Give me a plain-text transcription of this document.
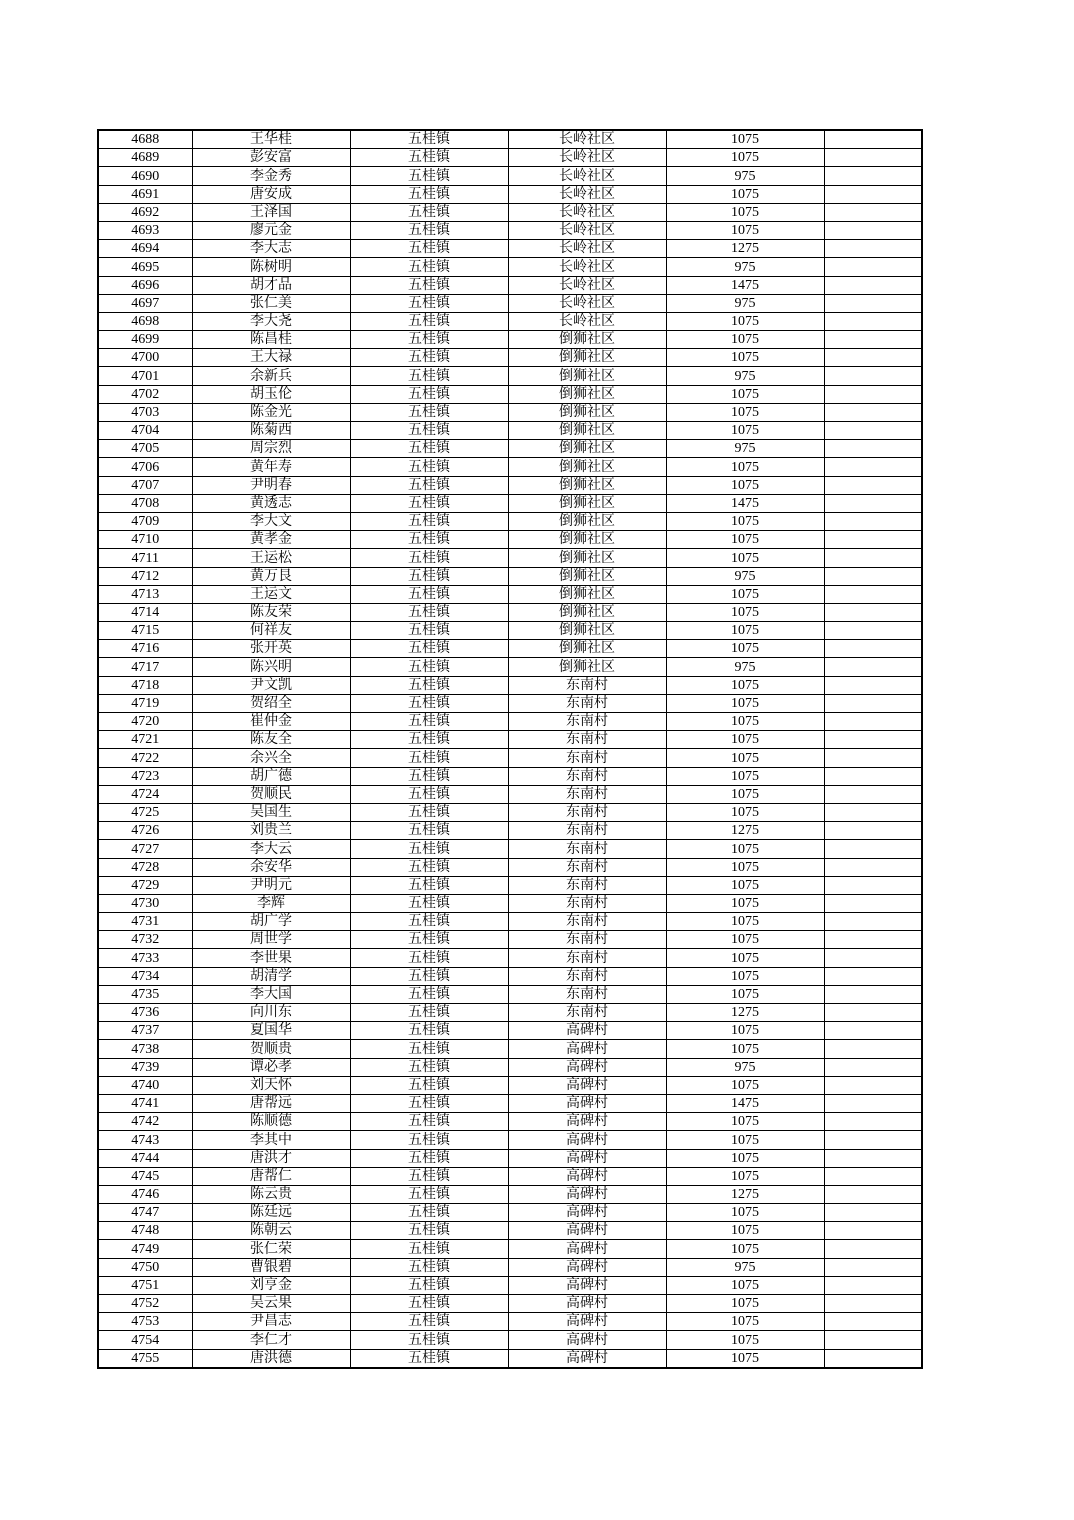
4688	王华桂	五桂镇	长岭社区	1075	
4689	彭安富	五桂镇	长岭社区	1075	
4690	李金秀	五桂镇	长岭社区	975	
4691	唐安成	五桂镇	长岭社区	1075	
4692	王泽国	五桂镇	长岭社区	1075	
4693	廖元金	五桂镇	长岭社区	1075	
4694	李大志	五桂镇	长岭社区	1275	
4695	陈树明	五桂镇	长岭社区	975	
4696	胡才品	五桂镇	长岭社区	1475	
4697	张仁美	五桂镇	长岭社区	975	
4698	李大尧	五桂镇	长岭社区	1075	
4699	陈昌桂	五桂镇	倒狮社区	1075	
4700	王大禄	五桂镇	倒狮社区	1075	
4701	余新兵	五桂镇	倒狮社区	975	
4702	胡玉伦	五桂镇	倒狮社区	1075	
4703	陈金光	五桂镇	倒狮社区	1075	
4704	陈菊西	五桂镇	倒狮社区	1075	
4705	周宗烈	五桂镇	倒狮社区	975	
4706	黄年寿	五桂镇	倒狮社区	1075	
4707	尹明春	五桂镇	倒狮社区	1075	
4708	黄透志	五桂镇	倒狮社区	1475	
4709	李大文	五桂镇	倒狮社区	1075	
4710	黄孝金	五桂镇	倒狮社区	1075	
4711	王运松	五桂镇	倒狮社区	1075	
4712	黄万艮	五桂镇	倒狮社区	975	
4713	王运文	五桂镇	倒狮社区	1075	
4714	陈友荣	五桂镇	倒狮社区	1075	
4715	何祥友	五桂镇	倒狮社区	1075	
4716	张开英	五桂镇	倒狮社区	1075	
4717	陈兴明	五桂镇	倒狮社区	975	
4718	尹文凯	五桂镇	东南村	1075	
4719	贺绍全	五桂镇	东南村	1075	
4720	崔仲金	五桂镇	东南村	1075	
4721	陈友全	五桂镇	东南村	1075	
4722	余兴全	五桂镇	东南村	1075	
4723	胡广德	五桂镇	东南村	1075	
4724	贺顺民	五桂镇	东南村	1075	
4725	吴国生	五桂镇	东南村	1075	
4726	刘贵兰	五桂镇	东南村	1275	
4727	李大云	五桂镇	东南村	1075	
4728	余安华	五桂镇	东南村	1075	
4729	尹明元	五桂镇	东南村	1075	
4730	李辉	五桂镇	东南村	1075	
4731	胡广学	五桂镇	东南村	1075	
4732	周世学	五桂镇	东南村	1075	
4733	李世果	五桂镇	东南村	1075	
4734	胡清学	五桂镇	东南村	1075	
4735	李大国	五桂镇	东南村	1075	
4736	向川东	五桂镇	东南村	1275	
4737	夏国华	五桂镇	高碑村	1075	
4738	贺顺贵	五桂镇	高碑村	1075	
4739	谭必孝	五桂镇	高碑村	975	
4740	刘天怀	五桂镇	高碑村	1075	
4741	唐帮远	五桂镇	高碑村	1475	
4742	陈顺德	五桂镇	高碑村	1075	
4743	李其中	五桂镇	高碑村	1075	
4744	唐洪才	五桂镇	高碑村	1075	
4745	唐帮仁	五桂镇	高碑村	1075	
4746	陈云贵	五桂镇	高碑村	1275	
4747	陈廷远	五桂镇	高碑村	1075	
4748	陈朝云	五桂镇	高碑村	1075	
4749	张仁荣	五桂镇	高碑村	1075	
4750	曹银碧	五桂镇	高碑村	975	
4751	刘亨金	五桂镇	高碑村	1075	
4752	吴云果	五桂镇	高碑村	1075	
4753	尹昌志	五桂镇	高碑村	1075	
4754	李仁才	五桂镇	高碑村	1075	
4755	唐洪德	五桂镇	高碑村	1075	
